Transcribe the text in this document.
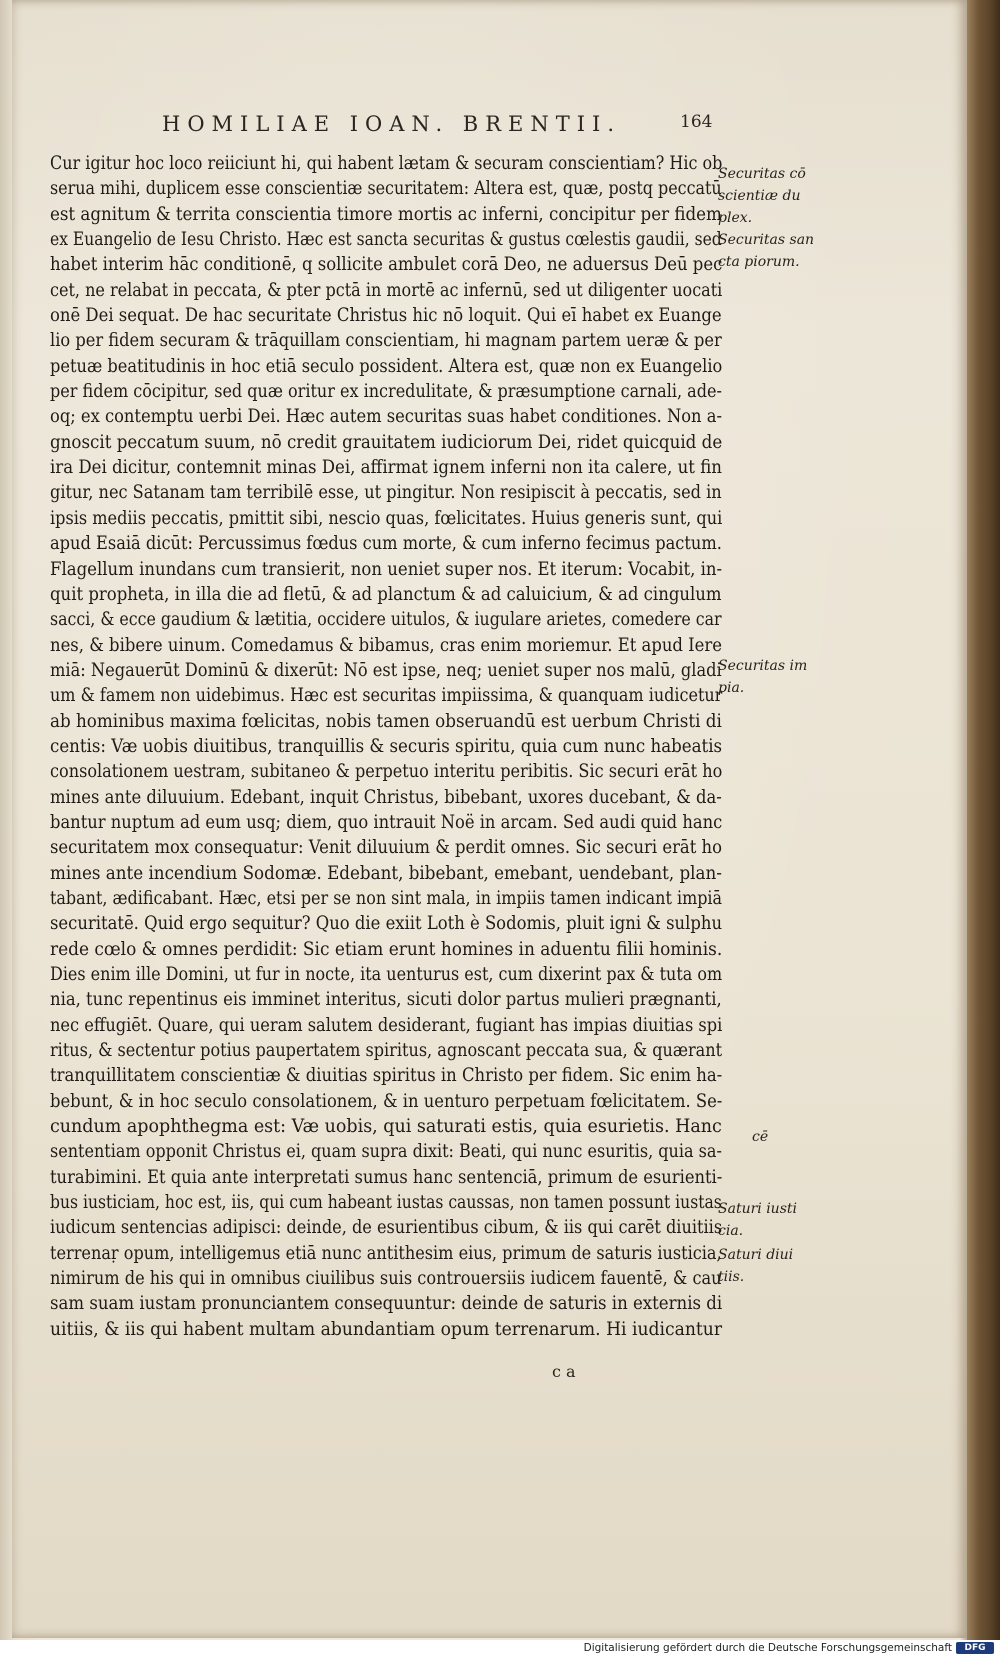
HOMILIAE IOAN. BRENTII.	164
Cur igitur hoc loco reiiciunt hi, qui habent lætam & securam conscientiam? Hic ob
serua mihi, duplicem esse conscientiæ securitatem: Altera est, quæ, postq peccatū
est agnitum & territa conscientia timore mortis ac inferni, concipitur per fidem
ex Euangelio de Iesu Christo. Hæc est sancta securitas & gustus cœlestis gaudii, sed
habet interim hāc conditionē, q sollicite ambulet corā Deo, ne aduersus Deū pec
cet, ne relabat in peccata, & pter pctā in mortē ac infernū, sed ut diligenter uocati
onē Dei sequat. De hac securitate Christus hic nō loquit. Qui eī habet ex Euange
lio per fidem securam & trāquillam conscientiam, hi magnam partem ueræ & per
petuæ beatitudinis in hoc etiā seculo possident. Altera est, quæ non ex Euangelio
per fidem cōcipitur, sed quæ oritur ex incredulitate, & præsumptione carnali, ade-
oq; ex contemptu uerbi Dei. Hæc autem securitas suas habet conditiones. Non a-
gnoscit peccatum suum, nō credit grauitatem iudiciorum Dei, ridet quicquid de
ira Dei dicitur, contemnit minas Dei, affirmat ignem inferni non ita calere, ut fin
gitur, nec Satanam tam terribilē esse, ut pingitur. Non resipiscit à peccatis, sed in
ipsis mediis peccatis, pmittit sibi, nescio quas, fœlicitates. Huius generis sunt, qui
apud Esaiā dicūt: Percussimus fœdus cum morte, & cum inferno fecimus pactum.
Flagellum inundans cum transierit, non ueniet super nos. Et iterum: Vocabit, in-
quit propheta, in illa die ad fletū, & ad planctum & ad caluicium, & ad cingulum
sacci, & ecce gaudium & lætitia, occidere uitulos, & iugulare arietes, comedere car
nes, & bibere uinum. Comedamus & bibamus, cras enim moriemur. Et apud Iere
miā: Negauerūt Dominū & dixerūt: Nō est ipse, neq; ueniet super nos malū, gladi
um & famem non uidebimus. Hæc est securitas impiissima, & quanquam iudicetur
ab hominibus maxima fœlicitas, nobis tamen obseruandū est uerbum Christi di
centis: Væ uobis diuitibus, tranquillis & securis spiritu, quia cum nunc habeatis
consolationem uestram, subitaneo & perpetuo interitu peribitis. Sic securi erāt ho
mines ante diluuium. Edebant, inquit Christus, bibebant, uxores ducebant, & da-
bantur nuptum ad eum usq; diem, quo intrauit Noë in arcam. Sed audi quid hanc
securitatem mox consequatur: Venit diluuium & perdit omnes. Sic securi erāt ho
mines ante incendium Sodomæ. Edebant, bibebant, emebant, uendebant, plan-
tabant, ædificabant. Hæc, etsi per se non sint mala, in impiis tamen indicant impiā
securitatē. Quid ergo sequitur? Quo die exiit Loth è Sodomis, pluit igni & sulphu
rede cœlo & omnes perdidit: Sic etiam erunt homines in aduentu filii hominis.
Dies enim ille Domini, ut fur in nocte, ita uenturus est, cum dixerint pax & tuta om
nia, tunc repentinus eis imminet interitus, sicuti dolor partus mulieri prægnanti,
nec effugiēt. Quare, qui ueram salutem desiderant, fugiant has impias diuitias spi
ritus, & sectentur potius paupertatem spiritus, agnoscant peccata sua, & quærant
tranquillitatem conscientiæ & diuitias spiritus in Christo per fidem. Sic enim ha-
bebunt, & in hoc seculo consolationem, & in uenturo perpetuam fœlicitatem. Se-
cundum apophthegma est: Væ uobis, qui saturati estis, quia esurietis. Hanc
sententiam opponit Christus ei, quam supra dixit: Beati, qui nunc esuritis, quia sa-
turabimini. Et quia ante interpretati sumus hanc sentenciā, primum de esurienti-
bus iusticiam, hoc est, iis, qui cum habeant iustas caussas, non tamen possunt iustas
iudicum sentencias adipisci: deinde, de esurientibus cibum, & iis qui carēt diuitiis
terrenaṛ opum, intelligemus etiā nunc antithesim eius, primum de saturis iusticia,
nimirum de his qui in omnibus ciuilibus suis controuersiis iudicem fauentē, & cau
sam suam iustam pronunciantem consequuntur: deinde de saturis in externis di
uitiis, & iis qui habent multam abundantiam opum terrenarum. Hi iudicantur
Securitas cō
scientiæ du
plex.
Securitas san
cta piorum.
Securitas im
pia.
cē
Saturi iusti
cia.
Saturi diui
tiis.
c a
Digitalisierung gefördert durch die Deutsche Forschungsgemeinschaft	DFG
